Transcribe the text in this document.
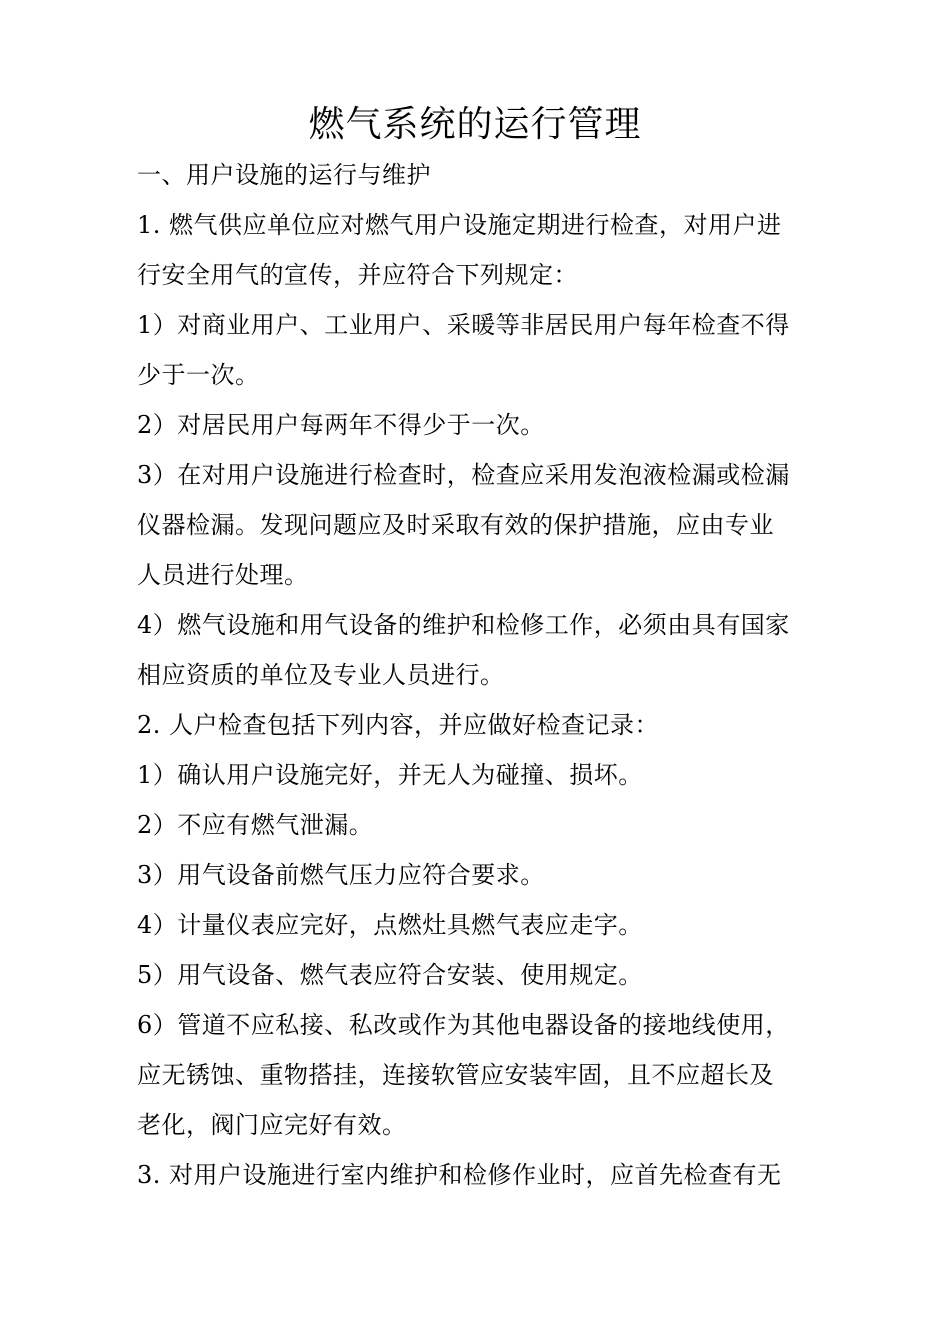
燃气系统的运行管理
一、用户设施的运行与维护
1. 燃气供应单位应对燃气用户设施定期进行检查，对用户进
行安全用气的宣传，并应符合下列规定：
1）对商业用户、工业用户、采暖等非居民用户每年检查不得
少于一次。
2）对居民用户每两年不得少于一次。
3）在对用户设施进行检查时，检查应采用发泡液检漏或检漏
仪器检漏。发现问题应及时采取有效的保护措施，应由专业
人员进行处理。
4）燃气设施和用气设备的维护和检修工作，必须由具有国家
相应资质的单位及专业人员进行。
2. 人户检查包括下列内容，并应做好检查记录：
1）确认用户设施完好，并无人为碰撞、损坏。
2）不应有燃气泄漏。
3）用气设备前燃气压力应符合要求。
4）计量仪表应完好，点燃灶具燃气表应走字。
5）用气设备、燃气表应符合安装、使用规定。
6）管道不应私接、私改或作为其他电器设备的接地线使用，
应无锈蚀、重物搭挂，连接软管应安装牢固，且不应超长及
老化，阀门应完好有效。
3. 对用户设施进行室内维护和检修作业时，应首先检查有无
